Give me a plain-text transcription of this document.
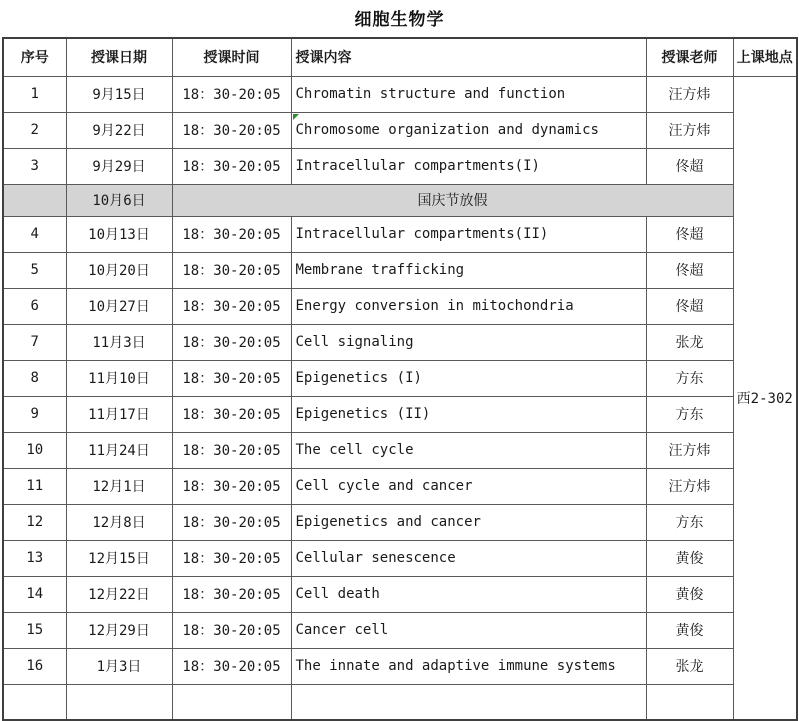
细胞生物学
序号	授课日期	授课时间	授课内容	授课老师	上课地点
1	9月15日	18：30-20:05	Chromatin structure and function	汪方炜	西2-302
2	9月22日	18：30-20:05	Chromosome organization and dynamics	汪方炜	
3	9月29日	18：30-20:05	Intracellular compartments(I)	佟超	
	10月6日	国庆节放假			
4	10月13日	18：30-20:05	Intracellular compartments(II)	佟超	
5	10月20日	18：30-20:05	Membrane trafficking	佟超	
6	10月27日	18：30-20:05	Energy conversion in mitochondria	佟超	
7	11月3日	18：30-20:05	Cell signaling	张龙	
8	11月10日	18：30-20:05	Epigenetics (I)	方东	
9	11月17日	18：30-20:05	Epigenetics (II)	方东	
10	11月24日	18：30-20:05	The cell cycle	汪方炜	
11	12月1日	18：30-20:05	Cell cycle and cancer	汪方炜	
12	12月8日	18：30-20:05	Epigenetics and cancer	方东	
13	12月15日	18：30-20:05	Cellular senescence	黄俊	
14	12月22日	18：30-20:05	Cell death	黄俊	
15	12月29日	18：30-20:05	Cancer cell	黄俊	
16	1月3日	18：30-20:05	The innate and adaptive immune systems	张龙	
